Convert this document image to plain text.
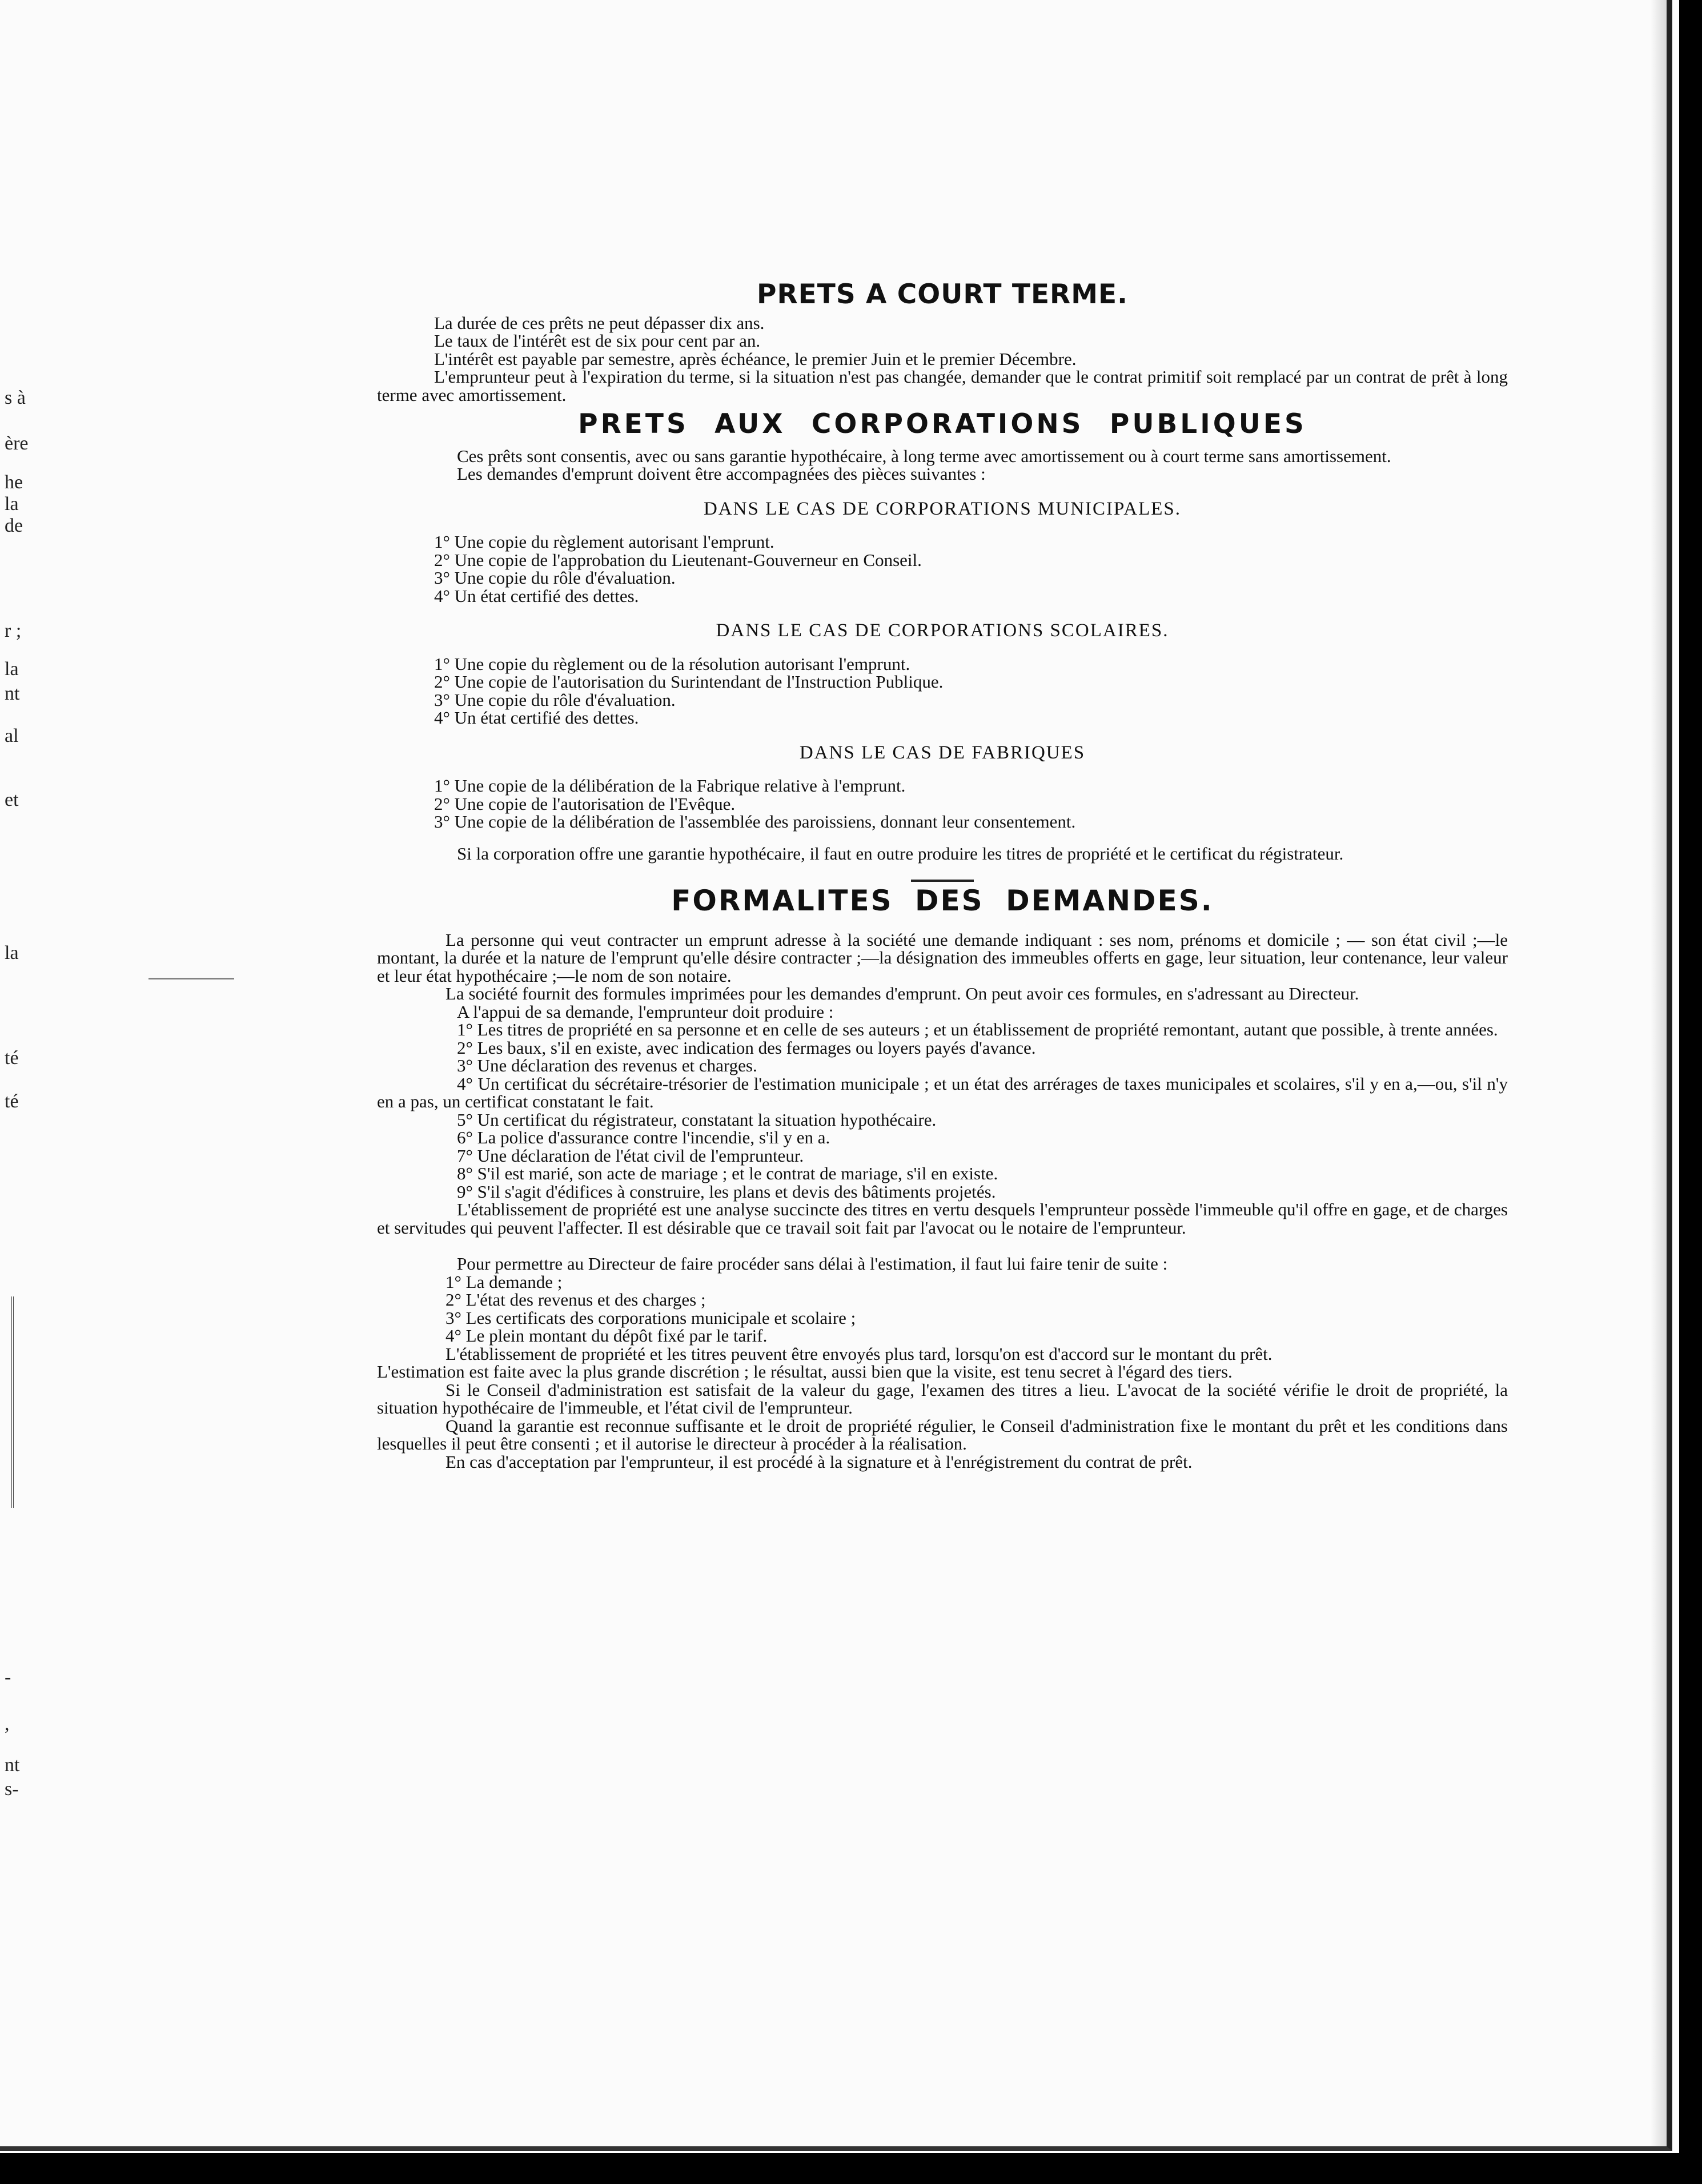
s à
ère
he
la
de
r ;
la
nt
al
et
la
té
té
-
,
nt
s-
PRETS A COURT TERME.

La durée de ces prêts ne peut dépasser dix ans.

Le taux de l'intérêt est de six pour cent par an.

L'intérêt est payable par semestre, après échéance, le premier Juin et le premier Décembre.

L'emprunteur peut à l'expiration du terme, si la situation n'est pas changée, demander que le contrat primitif soit remplacé par un contrat de prêt à long terme avec amortissement.

PRETS AUX CORPORATIONS PUBLIQUES

Ces prêts sont consentis, avec ou sans garantie hypothécaire, à long terme avec amortissement ou à court terme sans amortissement.

Les demandes d'emprunt doivent être accompagnées des pièces suivantes :

DANS LE CAS DE CORPORATIONS MUNICIPALES.

1° Une copie du règlement autorisant l'emprunt.

2° Une copie de l'approbation du Lieutenant-Gouverneur en Conseil.

3° Une copie du rôle d'évaluation.

4° Un état certifié des dettes.

DANS LE CAS DE CORPORATIONS SCOLAIRES.

1° Une copie du règlement ou de la résolution autorisant l'emprunt.

2° Une copie de l'autorisation du Surintendant de l'Instruction Publique.

3° Une copie du rôle d'évaluation.

4° Un état certifié des dettes.

DANS LE CAS DE FABRIQUES

1° Une copie de la délibération de la Fabrique relative à l'emprunt.

2° Une copie de l'autorisation de l'Evêque.

3° Une copie de la délibération de l'assemblée des paroissiens, donnant leur consentement.

Si la corporation offre une garantie hypothécaire, il faut en outre produire les titres de propriété et le certificat du régistrateur.

FORMALITES DES DEMANDES.

La personne qui veut contracter un emprunt adresse à la société une demande indiquant : ses nom, prénoms et domicile ; — son état civil ;—le montant, la durée et la nature de l'emprunt qu'elle désire contracter ;—la désignation des immeubles offerts en gage, leur situation, leur contenance, leur valeur et leur état hypothécaire ;—le nom de son notaire.

La société fournit des formules imprimées pour les demandes d'emprunt. On peut avoir ces formules, en s'adressant au Directeur.

A l'appui de sa demande, l'emprunteur doit produire :

1° Les titres de propriété en sa personne et en celle de ses auteurs ; et un établissement de propriété remontant, autant que possible, à trente années.

2° Les baux, s'il en existe, avec indication des fermages ou loyers payés d'avance.

3° Une déclaration des revenus et charges.

4° Un certificat du sécrétaire-trésorier de l'estimation municipale ; et un état des arrérages de taxes municipales et scolaires, s'il y en a,—ou, s'il n'y en a pas, un certificat constatant le fait.

5° Un certificat du régistrateur, constatant la situation hypothécaire.

6° La police d'assurance contre l'incendie, s'il y en a.

7° Une déclaration de l'état civil de l'emprunteur.

8° S'il est marié, son acte de mariage ; et le contrat de mariage, s'il en existe.

9° S'il s'agit d'édifices à construire, les plans et devis des bâtiments projetés.

L'établissement de propriété est une analyse succincte des titres en vertu desquels l'emprunteur possède l'immeuble qu'il offre en gage, et de charges et servitudes qui peuvent l'affecter. Il est désirable que ce travail soit fait par l'avocat ou le notaire de l'emprunteur.

Pour permettre au Directeur de faire procéder sans délai à l'estimation, il faut lui faire tenir de suite :

1° La demande ;

2° L'état des revenus et des charges ;

3° Les certificats des corporations municipale et scolaire ;

4° Le plein montant du dépôt fixé par le tarif.

L'établissement de propriété et les titres peuvent être envoyés plus tard, lorsqu'on est d'accord sur le montant du prêt.

L'estimation est faite avec la plus grande discrétion ; le résultat, aussi bien que la visite, est tenu secret à l'égard des tiers.

Si le Conseil d'administration est satisfait de la valeur du gage, l'examen des titres a lieu. L'avocat de la société vérifie le droit de propriété, la situation hypothécaire de l'immeuble, et l'état civil de l'emprunteur.

Quand la garantie est reconnue suffisante et le droit de propriété régulier, le Conseil d'administration fixe le montant du prêt et les conditions dans lesquelles il peut être consenti ; et il autorise le directeur à procéder à la réalisation.

En cas d'acceptation par l'emprunteur, il est procédé à la signature et à l'enrégistrement du contrat de prêt.
